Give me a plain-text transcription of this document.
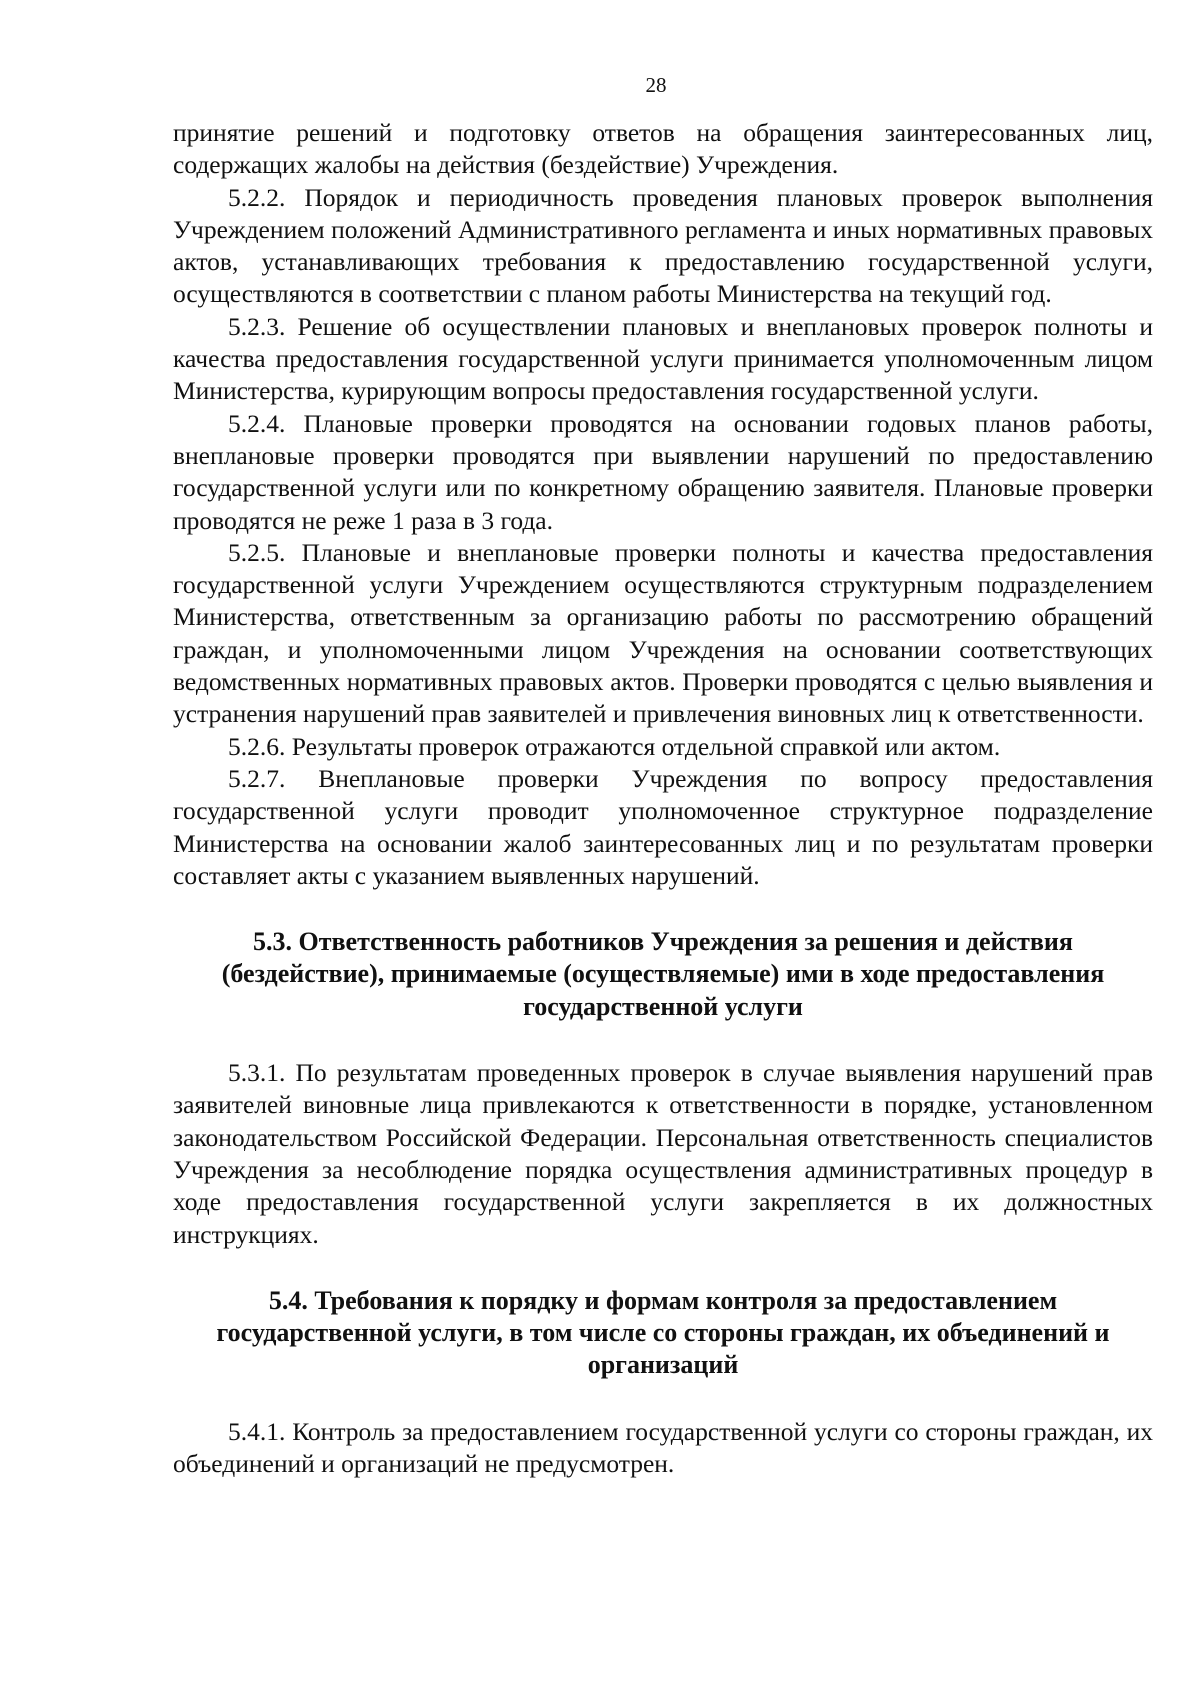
28

принятие решений и подготовку ответов на обращения заинтересованных лиц, содержащих жалобы на действия (бездействие) Учреждения.

5.2.2. Порядок и периодичность проведения плановых проверок выполнения Учреждением положений Административного регламента и иных нормативных правовых актов, устанавливающих требования к предоставлению государственной услуги, осуществляются в соответствии с планом работы Министерства на текущий год.

5.2.3. Решение об осуществлении плановых и внеплановых проверок полноты и качества предоставления государственной услуги принимается уполномоченным лицом Министерства, курирующим вопросы предоставления государственной услуги.

5.2.4. Плановые проверки проводятся на основании годовых планов работы, внеплановые проверки проводятся при выявлении нарушений по предоставлению государственной услуги или по конкретному обращению заявителя. Плановые проверки проводятся не реже 1 раза в 3 года.

5.2.5. Плановые и внеплановые проверки полноты и качества предоставления государственной услуги Учреждением осуществляются структурным подразделением Министерства, ответственным за организацию работы по рассмотрению обращений граждан, и уполномоченными лицом Учреждения на основании соответствующих ведомственных нормативных правовых актов. Проверки проводятся с целью выявления и устранения нарушений прав заявителей и привлечения виновных лиц к ответственности.

5.2.6. Результаты проверок отражаются отдельной справкой или актом.

5.2.7. Внеплановые проверки Учреждения по вопросу предоставления государственной услуги проводит уполномоченное структурное подразделение Министерства на основании жалоб заинтересованных лиц и по результатам проверки составляет акты с указанием выявленных нарушений.

5.3. Ответственность работников Учреждения за решения и действия (бездействие), принимаемые (осуществляемые) ими в ходе предоставления государственной услуги

5.3.1. По результатам проведенных проверок в случае выявления нарушений прав заявителей виновные лица привлекаются к ответственности в порядке, установленном законодательством Российской Федерации. Персональная ответственность специалистов Учреждения за несоблюдение порядка осуществления административных процедур в ходе предоставления государственной услуги закрепляется в их должностных инструкциях.

5.4. Требования к порядку и формам контроля за предоставлением государственной услуги, в том числе со стороны граждан, их объединений и организаций

5.4.1. Контроль за предоставлением государственной услуги со стороны граждан, их объединений и организаций не предусмотрен.
